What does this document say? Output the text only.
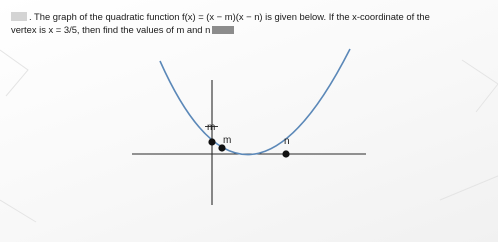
. The graph of the quadratic function f(x) = (x − m)(x − n) is given below. If the x-coordinate of the
vertex is x = 3/5, then find the values of m and n
m
m	n
